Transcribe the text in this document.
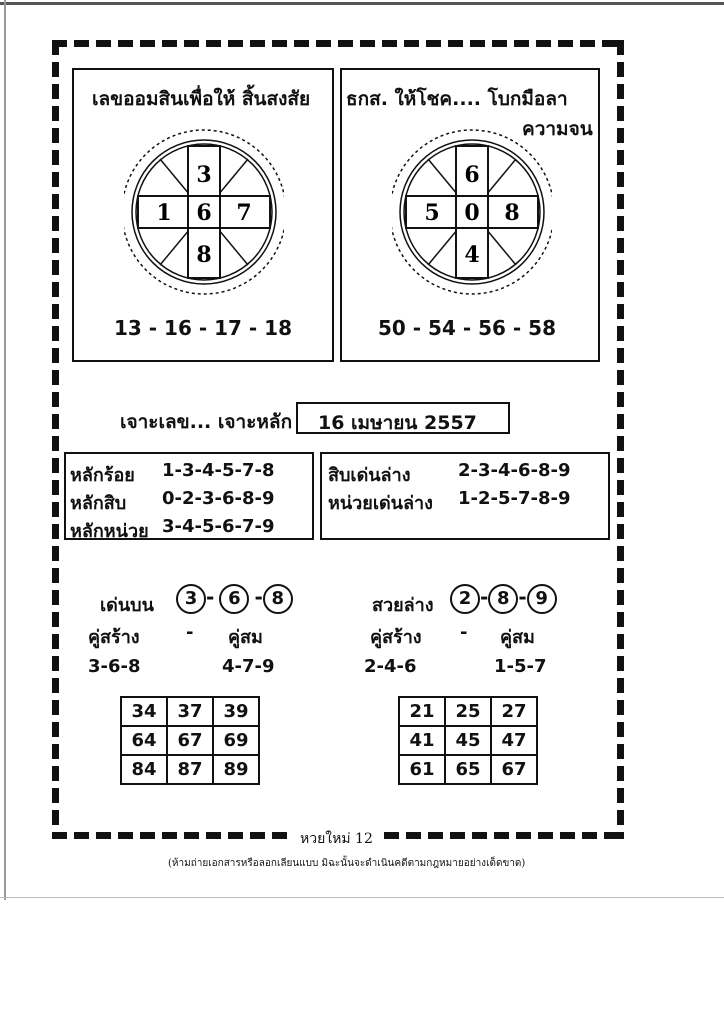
เลขออมสินเพื่อให้ สิ้นสงสัย
3
1 6 7
8
13 - 16 - 17 - 18
ธกส. ให้โชค.... โบกมือลา
ความจน
6
5 0 8
4
50 - 54 - 56 - 58
เจาะเลข... เจาะหลัก 16 เมษายน 2557
หลักร้อย 1-3-4-5-7-8
หลักสิบ 0-2-3-6-8-9
หลักหน่วย 3-4-5-6-7-9
สิบเด่นล่าง	2-3-4-6-8-9
หน่วยเด่นล่าง 1-2-5-7-8-9
เด่นบน	3 - 6 - 8
คู่สร้าง	- คู่สม
3-6-8	4-7-9
34	37	39
64	67	69
84	87	89
สวยล่าง	2 - 8 - 9
คู่สร้าง - คู่สม
2-4-6	1-5-7
21	25	27
41	45	47
61	65	67
หวยใหม่ 12
(ห้ามถ่ายเอกสารหรือลอกเลียนแบบ มิฉะนั้นจะดำเนินคดีตามกฎหมายอย่างเด็ดขาด)
